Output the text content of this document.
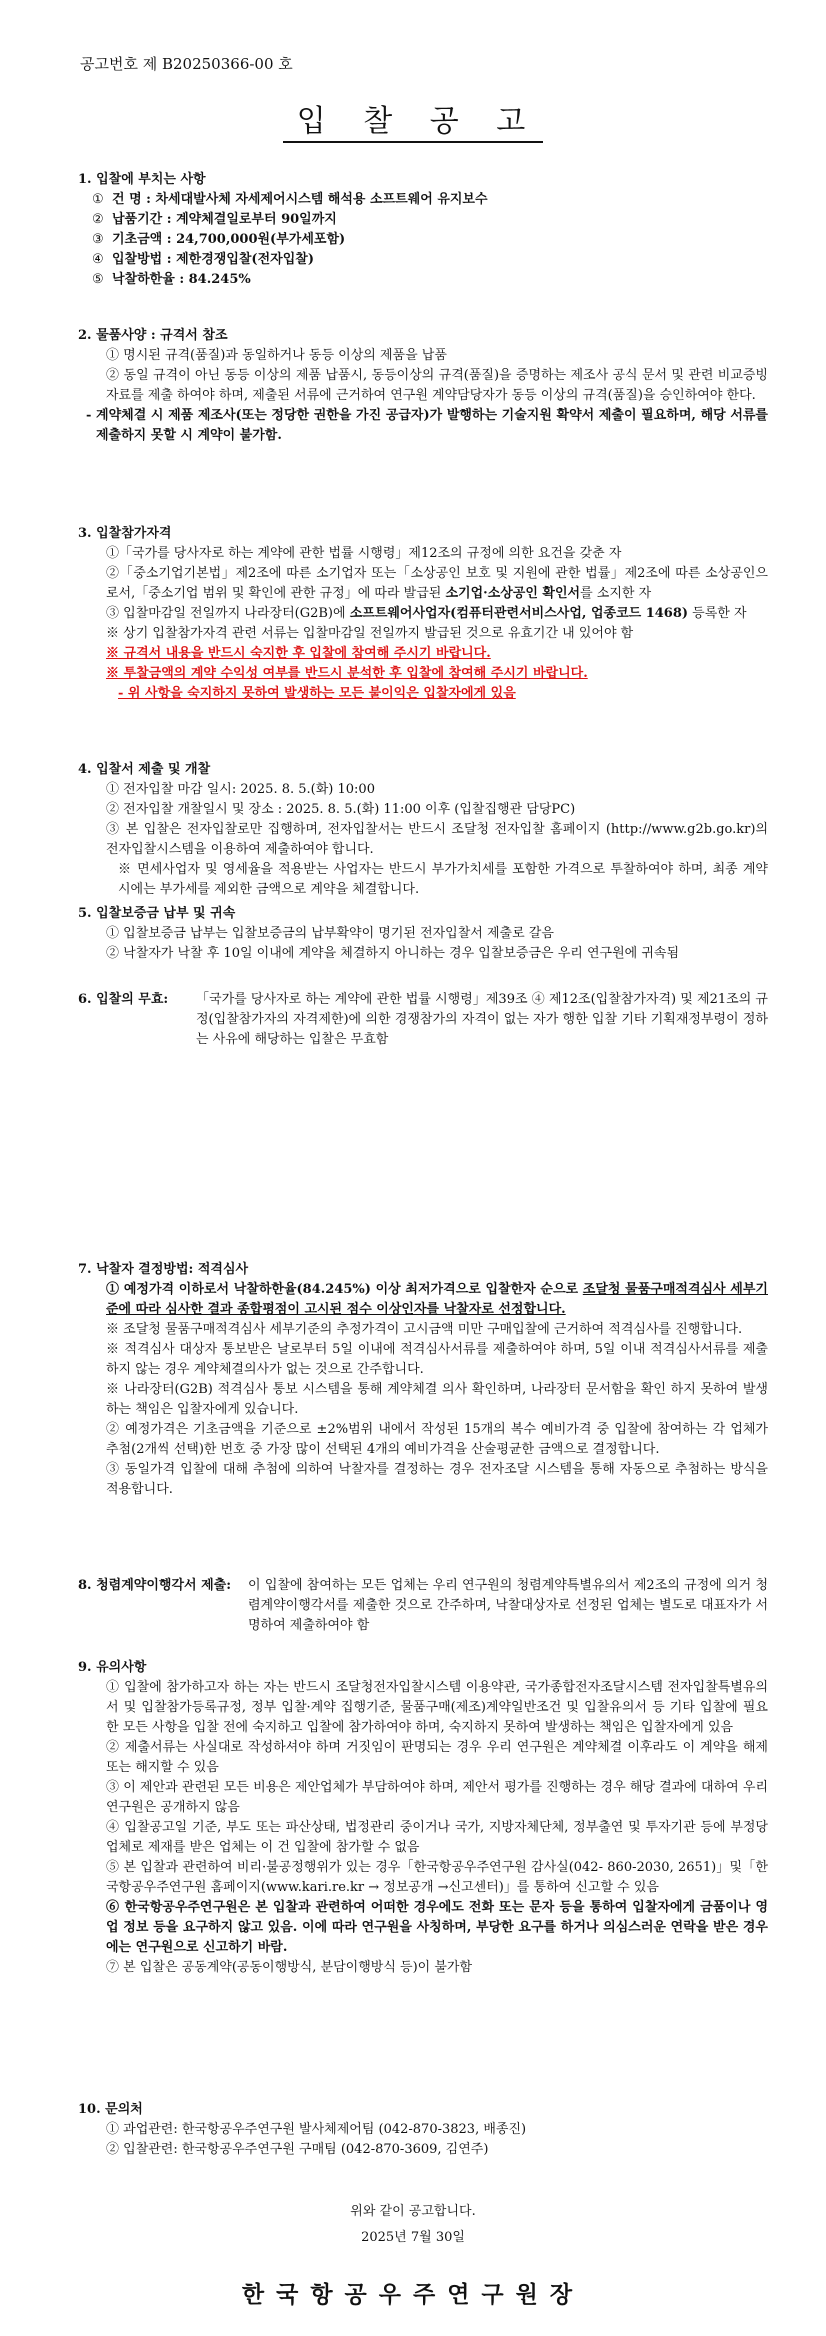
공고번호 제 B20250366-00 호
입 찰 공 고
1. 입찰에 부치는 사항
① 건 명 : 차세대발사체 자세제어시스템 해석용 소프트웨어 유지보수
② 납품기간 : 계약체결일로부터 90일까지
③ 기초금액 : 24,700,000원(부가세포함)
④ 입찰방법 : 제한경쟁입찰(전자입찰)
⑤ 낙찰하한율 : 84.245%
2. 물품사양 : 규격서 참조
① 명시된 규격(품질)과 동일하거나 동등 이상의 제품을 납품
② 동일 규격이 아닌 동등 이상의 제품 납품시, 동등이상의 규격(품질)을 증명하는 제조사 공식 문서 및 관련 비교증빙자료를 제출 하여야 하며, 제출된 서류에 근거하여 연구원 계약담당자가 동등 이상의 규격(품질)을 승인하여야 한다.
- 계약체결 시 제품 제조사(또는 정당한 권한을 가진 공급자)가 발행하는 기술지원 확약서 제출이 필요하며, 해당 서류를 제출하지 못할 시 계약이 불가함.
3. 입찰참가자격
①「국가를 당사자로 하는 계약에 관한 법률 시행령」제12조의 규정에 의한 요건을 갖춘 자
②「중소기업기본법」제2조에 따른 소기업자 또는「소상공인 보호 및 지원에 관한 법률」제2조에 따른 소상공인으로서,「중소기업 범위 및 확인에 관한 규정」에 따라 발급된 소기업·소상공인 확인서를 소지한 자
③ 입찰마감일 전일까지 나라장터(G2B)에 소프트웨어사업자(컴퓨터관련서비스사업, 업종코드 1468) 등록한 자
※ 상기 입찰참가자격 관련 서류는 입찰마감일 전일까지 발급된 것으로 유효기간 내 있어야 함
※ 규격서 내용을 반드시 숙지한 후 입찰에 참여해 주시기 바랍니다.
※ 투찰금액의 계약 수익성 여부를 반드시 분석한 후 입찰에 참여해 주시기 바랍니다.
- 위 사항을 숙지하지 못하여 발생하는 모든 불이익은 입찰자에게 있음
4. 입찰서 제출 및 개찰
① 전자입찰 마감 일시: 2025. 8. 5.(화) 10:00
② 전자입찰 개찰일시 및 장소 : 2025. 8. 5.(화) 11:00 이후 (입찰집행관 담당PC)
③ 본 입찰은 전자입찰로만 집행하며, 전자입찰서는 반드시 조달청 전자입찰 홈페이지 (http://www.g2b.go.kr)의 전자입찰시스템을 이용하여 제출하여야 합니다.
※ 면세사업자 및 영세율을 적용받는 사업자는 반드시 부가가치세를 포함한 가격으로 투찰하여야 하며, 최종 계약 시에는 부가세를 제외한 금액으로 계약을 체결합니다.
5. 입찰보증금 납부 및 귀속
① 입찰보증금 납부는 입찰보증금의 납부확약이 명기된 전자입찰서 제출로 갈음
② 낙찰자가 낙찰 후 10일 이내에 계약을 체결하지 아니하는 경우 입찰보증금은 우리 연구원에 귀속됨
6. 입찰의 무효: 「국가를 당사자로 하는 계약에 관한 법률 시행령」제39조 ④ 제12조(입찰참가자격) 및 제21조의 규정(입찰참가자의 자격제한)에 의한 경쟁참가의 자격이 없는 자가 행한 입찰 기타 기획재정부령이 정하는 사유에 해당하는 입찰은 무효함
7. 낙찰자 결정방법: 적격심사
① 예정가격 이하로서 낙찰하한율(84.245%) 이상 최저가격으로 입찰한자 순으로 조달청 물품구매적격심사 세부기준에 따라 심사한 결과 종합평점이 고시된 점수 이상인자를 낙찰자로 선정합니다.
※ 조달청 물품구매적격심사 세부기준의 추정가격이 고시금액 미만 구매입찰에 근거하여 적격심사를 진행합니다.
※ 적격심사 대상자 통보받은 날로부터 5일 이내에 적격심사서류를 제출하여야 하며, 5일 이내 적격심사서류를 제출하지 않는 경우 계약체결의사가 없는 것으로 간주합니다.
※ 나라장터(G2B) 적격심사 통보 시스템을 통해 계약체결 의사 확인하며, 나라장터 문서함을 확인 하지 못하여 발생하는 책임은 입찰자에게 있습니다.
② 예정가격은 기초금액을 기준으로 ±2%범위 내에서 작성된 15개의 복수 예비가격 중 입찰에 참여하는 각 업체가 추첨(2개씩 선택)한 번호 중 가장 많이 선택된 4개의 예비가격을 산술평균한 금액으로 결정합니다.
③ 동일가격 입찰에 대해 추첨에 의하여 낙찰자를 결정하는 경우 전자조달 시스템을 통해 자동으로 추첨하는 방식을 적용합니다.
8. 청렴계약이행각서 제출: 이 입찰에 참여하는 모든 업체는 우리 연구원의 청렴계약특별유의서 제2조의 규정에 의거 청렴계약이행각서를 제출한 것으로 간주하며, 낙찰대상자로 선정된 업체는 별도로 대표자가 서명하여 제출하여야 함
9. 유의사항
① 입찰에 참가하고자 하는 자는 반드시 조달청전자입찰시스템 이용약관, 국가종합전자조달시스템 전자입찰특별유의서 및 입찰참가등록규정, 정부 입찰·계약 집행기준, 물품구매(제조)계약일반조건 및 입찰유의서 등 기타 입찰에 필요한 모든 사항을 입찰 전에 숙지하고 입찰에 참가하여야 하며, 숙지하지 못하여 발생하는 책임은 입찰자에게 있음
② 제출서류는 사실대로 작성하셔야 하며 거짓임이 판명되는 경우 우리 연구원은 계약체결 이후라도 이 계약을 해제 또는 해지할 수 있음
③ 이 제안과 관련된 모든 비용은 제안업체가 부담하여야 하며, 제안서 평가를 진행하는 경우 해당 결과에 대하여 우리 연구원은 공개하지 않음
④ 입찰공고일 기준, 부도 또는 파산상태, 법정관리 중이거나 국가, 지방자체단체, 정부출연 및 투자기관 등에 부정당업체로 제재를 받은 업체는 이 건 입찰에 참가할 수 없음
⑤ 본 입찰과 관련하여 비리·불공정행위가 있는 경우「한국항공우주연구원 감사실(042- 860-2030, 2651)」및「한국항공우주연구원 홈페이지(www.kari.re.kr → 정보공개 →신고센터)」를 통하여 신고할 수 있음
⑥ 한국항공우주연구원은 본 입찰과 관련하여 어떠한 경우에도 전화 또는 문자 등을 통하여 입찰자에게 금품이나 영업 정보 등을 요구하지 않고 있음. 이에 따라 연구원을 사칭하며, 부당한 요구를 하거나 의심스러운 연락을 받은 경우에는 연구원으로 신고하기 바람.
⑦ 본 입찰은 공동계약(공동이행방식, 분담이행방식 등)이 불가함
10. 문의처
① 과업관련: 한국항공우주연구원 발사체제어팀 (042-870-3823, 배종진)
② 입찰관련: 한국항공우주연구원 구매팀 (042-870-3609, 김연주)
위와 같이 공고합니다.
2025년 7월 30일
한국항공우주연구원장
